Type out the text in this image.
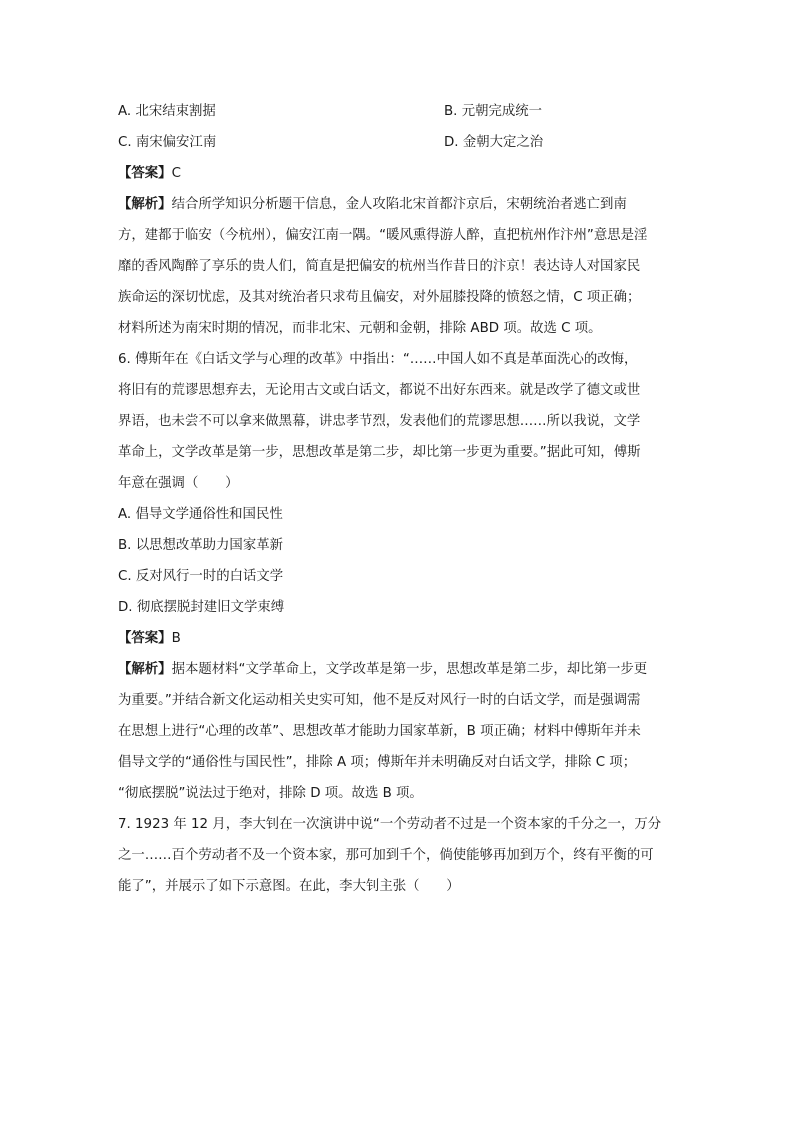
A. 北宋结束割据	B. 元朝完成统一
C. 南宋偏安江南	D. 金朝大定之治
【答案】C
【解析】结合所学知识分析题干信息，金人攻陷北宋首都汴京后，宋朝统治者逃亡到南
方，建都于临安（今杭州），偏安江南一隅。“暖风熏得游人醉，直把杭州作汴州”意思是淫
靡的香风陶醉了享乐的贵人们，简直是把偏安的杭州当作昔日的汴京！表达诗人对国家民
族命运的深切忧虑，及其对统治者只求苟且偏安，对外屈膝投降的愤怒之情，C 项正确；
材料所述为南宋时期的情况，而非北宋、元朝和金朝，排除 ABD 项。故选 C 项。
6. 傅斯年在《白话文学与心理的改革》中指出：“……中国人如不真是革面洗心的改悔，
将旧有的荒谬思想弃去，无论用古文或白话文，都说不出好东西来。就是改学了德文或世
界语，也未尝不可以拿来做黑幕，讲忠孝节烈，发表他们的荒谬思想……所以我说，文学
革命上，文学改革是第一步，思想改革是第二步，却比第一步更为重要。”据此可知，傅斯
年意在强调（　　）
A. 倡导文学通俗性和国民性
B. 以思想改革助力国家革新
C. 反对风行一时的白话文学
D. 彻底摆脱封建旧文学束缚
【答案】B
【解析】据本题材料“文学革命上，文学改革是第一步，思想改革是第二步，却比第一步更
为重要。”并结合新文化运动相关史实可知，他不是反对风行一时的白话文学，而是强调需
在思想上进行“心理的改革”、思想改革才能助力国家革新，B 项正确；材料中傅斯年并未
倡导文学的“通俗性与国民性”，排除 A 项；傅斯年并未明确反对白话文学，排除 C 项；
“彻底摆脱”说法过于绝对，排除 D 项。故选 B 项。
7. 1923 年 12 月，李大钊在一次演讲中说“一个劳动者不过是一个资本家的千分之一，万分
之一……百个劳动者不及一个资本家，那可加到千个，倘使能够再加到万个，终有平衡的可
能了”，并展示了如下示意图。在此，李大钊主张（　　）
